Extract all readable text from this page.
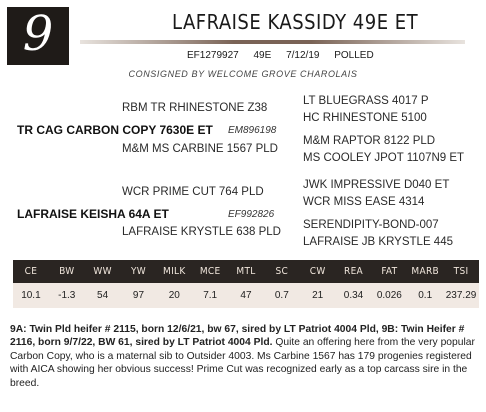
9	LAFRAISE KASSIDY 49E ET
EF1279927 49E 7/12/19 POLLED
CONSIGNED BY WELCOME GROVE CHAROLAIS
RBM TR RHINESTONE Z38
TR CAG CARBON COPY 7630E ET EM896198
M&M MS CARBINE 1567 PLD
LT BLUEGRASS 4017 P
HC RHINESTONE 5100
M&M RAPTOR 8122 PLD
MS COOLEY JPOT 1107N9 ET
WCR PRIME CUT 764 PLD
LAFRAISE KEISHA 64A ET	EF992826
LAFRAISE KRYSTLE 638 PLD
JWK IMPRESSIVE D040 ET
WCR MISS EASE 4314
SERENDIPITY-BOND-007
LAFRAISE JB KRYSTLE 445
CE	BW	WW	YW	MILK	MCE	MTL	SC	CW	REA	FAT	MARB	TSI
10.1	-1.3	54	97	20	7.1	47	0.7	21	0.34	0.026	0.1	237.29
9A: Twin Pld heifer # 2115, born 12/6/21, bw 67, sired by LT Patriot 4004 Pld, 9B: Twin Heifer # 2116, born 9/7/22, BW 61, sired by LT Patriot 4004 Pld. Quite an offering here from the very popular Carbon Copy, who is a maternal sib to Outsider 4003. Ms Carbine 1567 has 179 progenies registered with AICA showing her obvious success! Prime Cut was recognized early as a top carcass sire in the breed.
